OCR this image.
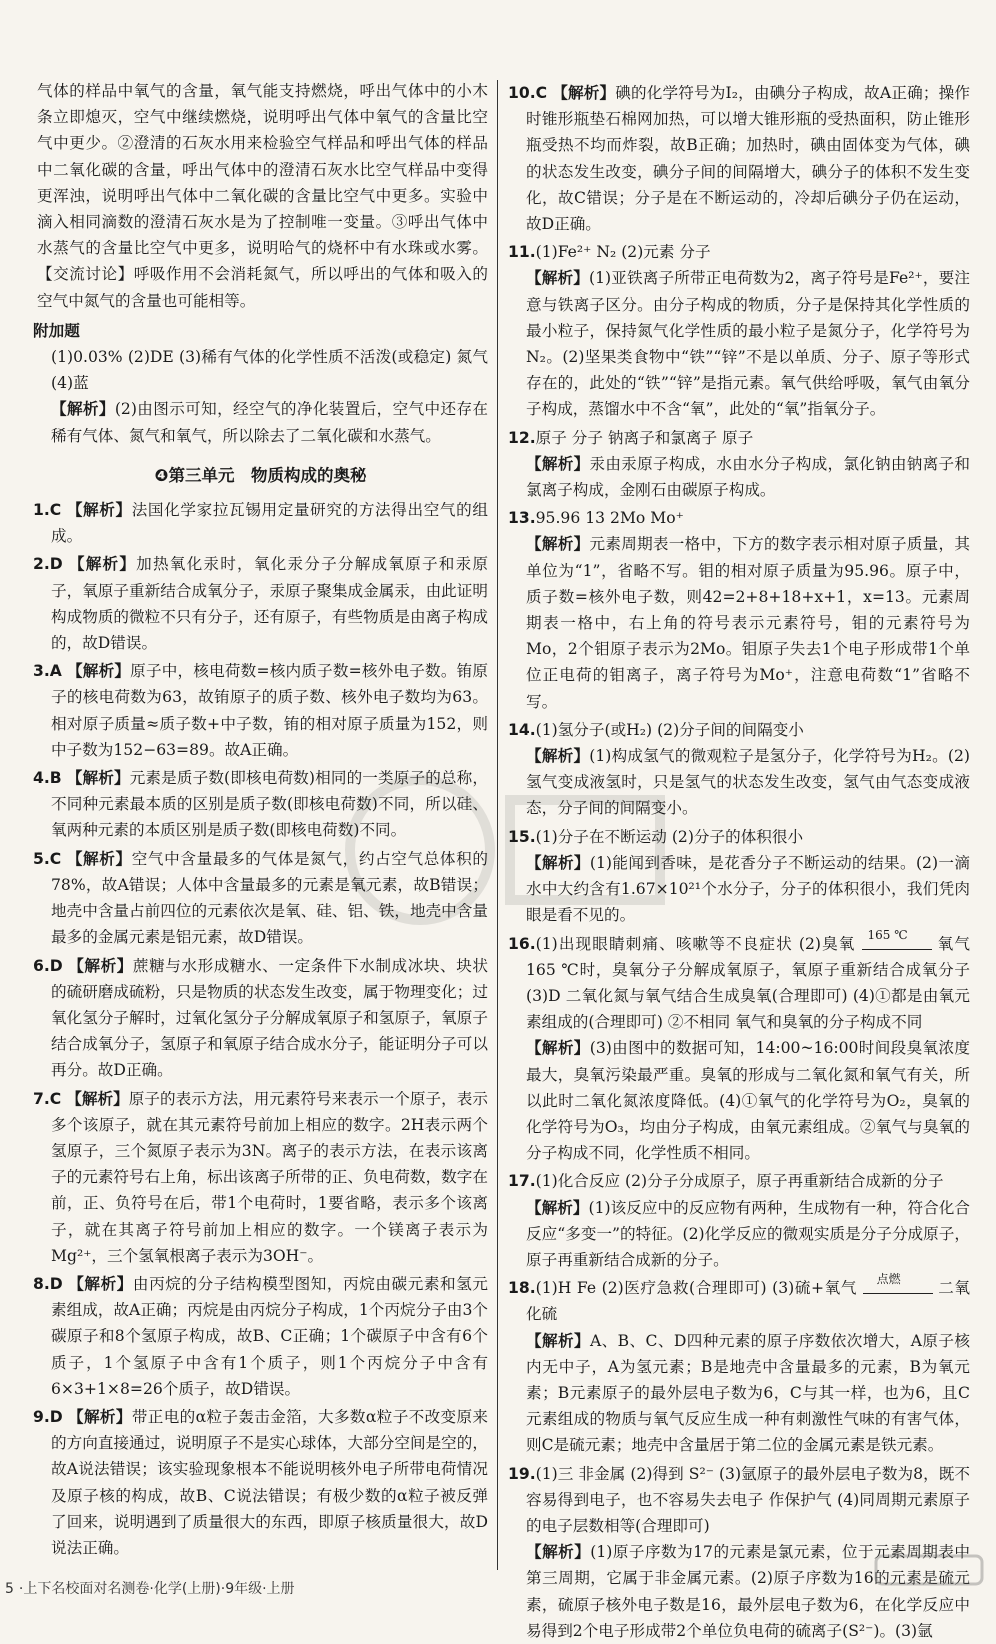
气体的样品中氧气的含量，氧气能支持燃烧，呼出气体中的小木条立即熄灭，空气中继续燃烧，说明呼出气体中氧气的含量比空气中更少。②澄清的石灰水用来检验空气样品和呼出气体的样品中二氧化碳的含量，呼出气体中的澄清石灰水比空气样品中变得更浑浊，说明呼出气体中二氧化碳的含量比空气中更多。实验中滴入相同滴数的澄清石灰水是为了控制唯一变量。③呼出气体中水蒸气的含量比空气中更多，说明哈气的烧杯中有水珠或水雾。【交流讨论】呼吸作用不会消耗氮气，所以呼出的气体和吸入的空气中氮气的含量也可能相等。

附加题

(1)0.03% (2)DE (3)稀有气体的化学性质不活泼(或稳定) 氮气 (4)蓝

【解析】(2)由图示可知，经空气的净化装置后，空气中还存在稀有气体、氮气和氧气，所以除去了二氧化碳和水蒸气。

❹第三单元　物质构成的奥秘

1.C 【解析】法国化学家拉瓦锡用定量研究的方法得出空气的组成。

2.D 【解析】加热氧化汞时，氧化汞分子分解成氧原子和汞原子，氧原子重新结合成氧分子，汞原子聚集成金属汞，由此证明构成物质的微粒不只有分子，还有原子，有些物质是由离子构成的，故D错误。

3.A 【解析】原子中，核电荷数=核内质子数=核外电子数。铕原子的核电荷数为63，故铕原子的质子数、核外电子数均为63。相对原子质量≈质子数+中子数，铕的相对原子质量为152，则中子数为152−63=89。故A正确。

4.B 【解析】元素是质子数(即核电荷数)相同的一类原子的总称，不同种元素最本质的区别是质子数(即核电荷数)不同，所以硅、氧两种元素的本质区别是质子数(即核电荷数)不同。

5.C 【解析】空气中含量最多的气体是氮气，约占空气总体积的78%，故A错误；人体中含量最多的元素是氧元素，故B错误；地壳中含量占前四位的元素依次是氧、硅、铝、铁，地壳中含量最多的金属元素是铝元素，故D错误。

6.D 【解析】蔗糖与水形成糖水、一定条件下水制成冰块、块状的硫研磨成硫粉，只是物质的状态发生改变，属于物理变化；过氧化氢分子解时，过氧化氢分子分解成氧原子和氢原子，氧原子结合成氧分子，氢原子和氧原子结合成水分子，能证明分子可以再分。故D正确。

7.C 【解析】原子的表示方法，用元素符号来表示一个原子，表示多个该原子，就在其元素符号前加上相应的数字。2H表示两个氢原子，三个氮原子表示为3N。离子的表示方法，在表示该离子的元素符号右上角，标出该离子所带的正、负电荷数，数字在前，正、负符号在后，带1个电荷时，1要省略，表示多个该离子，就在其离子符号前加上相应的数字。一个镁离子表示为Mg²⁺，三个氢氧根离子表示为3OH⁻。

8.D 【解析】由丙烷的分子结构模型图知，丙烷由碳元素和氢元素组成，故A正确；丙烷是由丙烷分子构成，1个丙烷分子由3个碳原子和8个氢原子构成，故B、C正确；1个碳原子中含有6个质子，1个氢原子中含有1个质子，则1个丙烷分子中含有6×3+1×8=26个质子，故D错误。

9.D 【解析】带正电的α粒子轰击金箔，大多数α粒子不改变原来的方向直接通过，说明原子不是实心球体，大部分空间是空的，故A说法错误；该实验现象根本不能说明核外电子所带电荷情况及原子核的构成，故B、C说法错误；有极少数的α粒子被反弹了回来，说明遇到了质量很大的东西，即原子核质量很大，故D说法正确。

10.C 【解析】碘的化学符号为I₂，由碘分子构成，故A正确；操作时锥形瓶垫石棉网加热，可以增大锥形瓶的受热面积，防止锥形瓶受热不均而炸裂，故B正确；加热时，碘由固体变为气体，碘的状态发生改变，碘分子间的间隔增大，碘分子的体积不发生变化，故C错误；分子是在不断运动的，冷却后碘分子仍在运动，故D正确。

11.(1)Fe²⁺ N₂ (2)元素 分子

【解析】(1)亚铁离子所带正电荷数为2，离子符号是Fe²⁺，要注意与铁离子区分。由分子构成的物质，分子是保持其化学性质的最小粒子，保持氮气化学性质的最小粒子是氮分子，化学符号为N₂。(2)坚果类食物中“铁”“锌”不是以单质、分子、原子等形式存在的，此处的“铁”“锌”是指元素。氧气供给呼吸，氧气由氧分子构成，蒸馏水中不含“氧”，此处的“氧”指氧分子。

12.原子 分子 钠离子和氯离子 原子

【解析】汞由汞原子构成，水由水分子构成，氯化钠由钠离子和氯离子构成，金刚石由碳原子构成。

13.95.96 13 2Mo Mo⁺

【解析】元素周期表一格中，下方的数字表示相对原子质量，其单位为“1”，省略不写。钼的相对原子质量为95.96。原子中，质子数=核外电子数，则42=2+8+18+x+1，x=13。元素周期表一格中，右上角的符号表示元素符号，钼的元素符号为Mo，2个钼原子表示为2Mo。钼原子失去1个电子形成带1个单位正电荷的钼离子，离子符号为Mo⁺，注意电荷数“1”省略不写。

14.(1)氢分子(或H₂) (2)分子间的间隔变小

【解析】(1)构成氢气的微观粒子是氢分子，化学符号为H₂。(2)氢气变成液氢时，只是氢气的状态发生改变，氢气由气态变成液态，分子间的间隔变小。

15.(1)分子在不断运动 (2)分子的体积很小

【解析】(1)能闻到香味，是花香分子不断运动的结果。(2)一滴水中大约含有1.67×10²¹个水分子，分子的体积很小，我们凭肉眼是看不见的。

16.(1)出现眼睛刺痛、咳嗽等不良症状 (2)臭氧	165 ℃	氧气 165 ℃时，臭氧分子分解成氧原子，氧原子重新结合成氧分子 (3)D 二氧化氮与氧气结合生成臭氧(合理即可) (4)①都是由氧元素组成的(合理即可) ②不相同 氧气和臭氧的分子构成不同

【解析】(3)由图中的数据可知，14:00~16:00时间段臭氧浓度最大，臭氧污染最严重。臭氧的形成与二氧化氮和氧气有关，所以此时二氧化氮浓度降低。(4)①氧气的化学符号为O₂，臭氧的化学符号为O₃，均由分子构成，由氧元素组成。②氧气与臭氧的分子构成不同，化学性质不相同。

17.(1)化合反应 (2)分子分成原子，原子再重新结合成新的分子

【解析】(1)该反应中的反应物有两种，生成物有一种，符合化合反应“多变一”的特征。(2)化学反应的微观实质是分子分成原子，原子再重新结合成新的分子。

18.(1)H Fe (2)医疗急救(合理即可) (3)硫+氧气	点燃	二氧化硫

【解析】A、B、C、D四种元素的原子序数依次增大，A原子核内无中子，A为氢元素；B是地壳中含量最多的元素，B为氧元素；B元素原子的最外层电子数为6，C与其一样，也为6，且C元素组成的物质与氧气反应生成一种有刺激性气味的有害气体，则C是硫元素；地壳中含量居于第二位的金属元素是铁元素。

19.(1)三 非金属 (2)得到 S²⁻ (3)氩原子的最外层电子数为8，既不容易得到电子，也不容易失去电子 作保护气 (4)同周期元素原子的电子层数相等(合理即可)

【解析】(1)原子序数为17的元素是氯元素，位于元素周期表中第三周期，它属于非金属元素。(2)原子序数为16的元素是硫元素，硫原子核外电子数是16，最外层电子数为6，在化学反应中易得到2个电子形成带2个单位负电荷的硫离子(S²⁻)。(3)氩

5 ·上下名校面对名测卷·化学(上册)·9年级·上册
